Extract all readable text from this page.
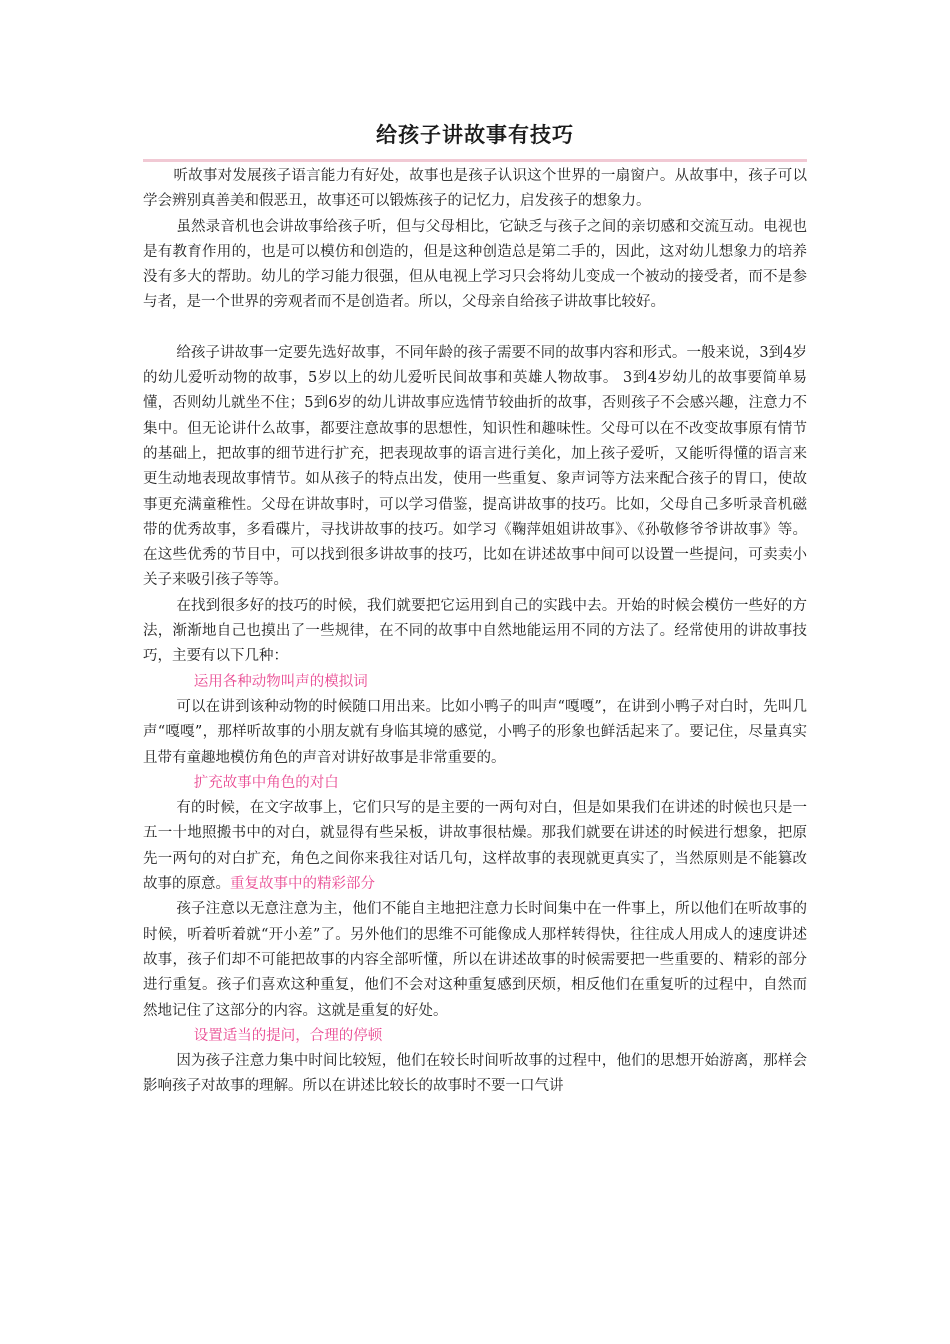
给孩子讲故事有技巧

听故事对发展孩子语言能力有好处，故事也是孩子认识这个世界的一扇窗户。从故事中，孩子可以学会辨别真善美和假恶丑，故事还可以锻炼孩子的记忆力，启发孩子的想象力。

虽然录音机也会讲故事给孩子听，但与父母相比，它缺乏与孩子之间的亲切感和交流互动。电视也是有教育作用的，也是可以模仿和创造的，但是这种创造总是第二手的，因此，这对幼儿想象力的培养没有多大的帮助。幼儿的学习能力很强，但从电视上学习只会将幼儿变成一个被动的接受者，而不是参与者，是一个世界的旁观者而不是创造者。所以，父母亲自给孩子讲故事比较好。

给孩子讲故事一定要先选好故事，不同年龄的孩子需要不同的故事内容和形式。一般来说，3到4岁的幼儿爱听动物的故事，5岁以上的幼儿爱听民间故事和英雄人物故事。 3到4岁幼儿的故事要简单易懂，否则幼儿就坐不住；5到6岁的幼儿讲故事应选情节较曲折的故事，否则孩子不会感兴趣，注意力不集中。但无论讲什么故事，都要注意故事的思想性，知识性和趣味性。父母可以在不改变故事原有情节的基础上，把故事的细节进行扩充，把表现故事的语言进行美化，加上孩子爱听，又能听得懂的语言来更生动地表现故事情节。如从孩子的特点出发，使用一些重复、象声词等方法来配合孩子的胃口，使故事更充满童稚性。父母在讲故事时，可以学习借鉴，提高讲故事的技巧。比如，父母自己多听录音机磁带的优秀故事，多看碟片，寻找讲故事的技巧。如学习《鞠萍姐姐讲故事》、《孙敬修爷爷讲故事》等。在这些优秀的节目中，可以找到很多讲故事的技巧，比如在讲述故事中间可以设置一些提问，可卖卖小关子来吸引孩子等等。

在找到很多好的技巧的时候，我们就要把它运用到自己的实践中去。开始的时候会模仿一些好的方法，渐渐地自己也摸出了一些规律，在不同的故事中自然地能运用不同的方法了。经常使用的讲故事技巧，主要有以下几种：

运用各种动物叫声的模拟词

可以在讲到该种动物的时候随口用出来。比如小鸭子的叫声“嘎嘎”，在讲到小鸭子对白时，先叫几声“嘎嘎”，那样听故事的小朋友就有身临其境的感觉，小鸭子的形象也鲜活起来了。要记住，尽量真实且带有童趣地模仿角色的声音对讲好故事是非常重要的。

扩充故事中角色的对白

有的时候，在文字故事上，它们只写的是主要的一两句对白，但是如果我们在讲述的时候也只是一五一十地照搬书中的对白，就显得有些呆板，讲故事很枯燥。那我们就要在讲述的时候进行想象，把原先一两句的对白扩充，角色之间你来我往对话几句，这样故事的表现就更真实了，当然原则是不能篡改故事的原意。重复故事中的精彩部分

孩子注意以无意注意为主，他们不能自主地把注意力长时间集中在一件事上，所以他们在听故事的时候，听着听着就“开小差”了。另外他们的思维不可能像成人那样转得快，往往成人用成人的速度讲述故事，孩子们却不可能把故事的内容全部听懂，所以在讲述故事的时候需要把一些重要的、精彩的部分进行重复。孩子们喜欢这种重复，他们不会对这种重复感到厌烦，相反他们在重复听的过程中，自然而然地记住了这部分的内容。这就是重复的好处。

设置适当的提问，合理的停顿

因为孩子注意力集中时间比较短，他们在较长时间听故事的过程中，他们的思想开始游离，那样会影响孩子对故事的理解。所以在讲述比较长的故事时不要一口气讲
